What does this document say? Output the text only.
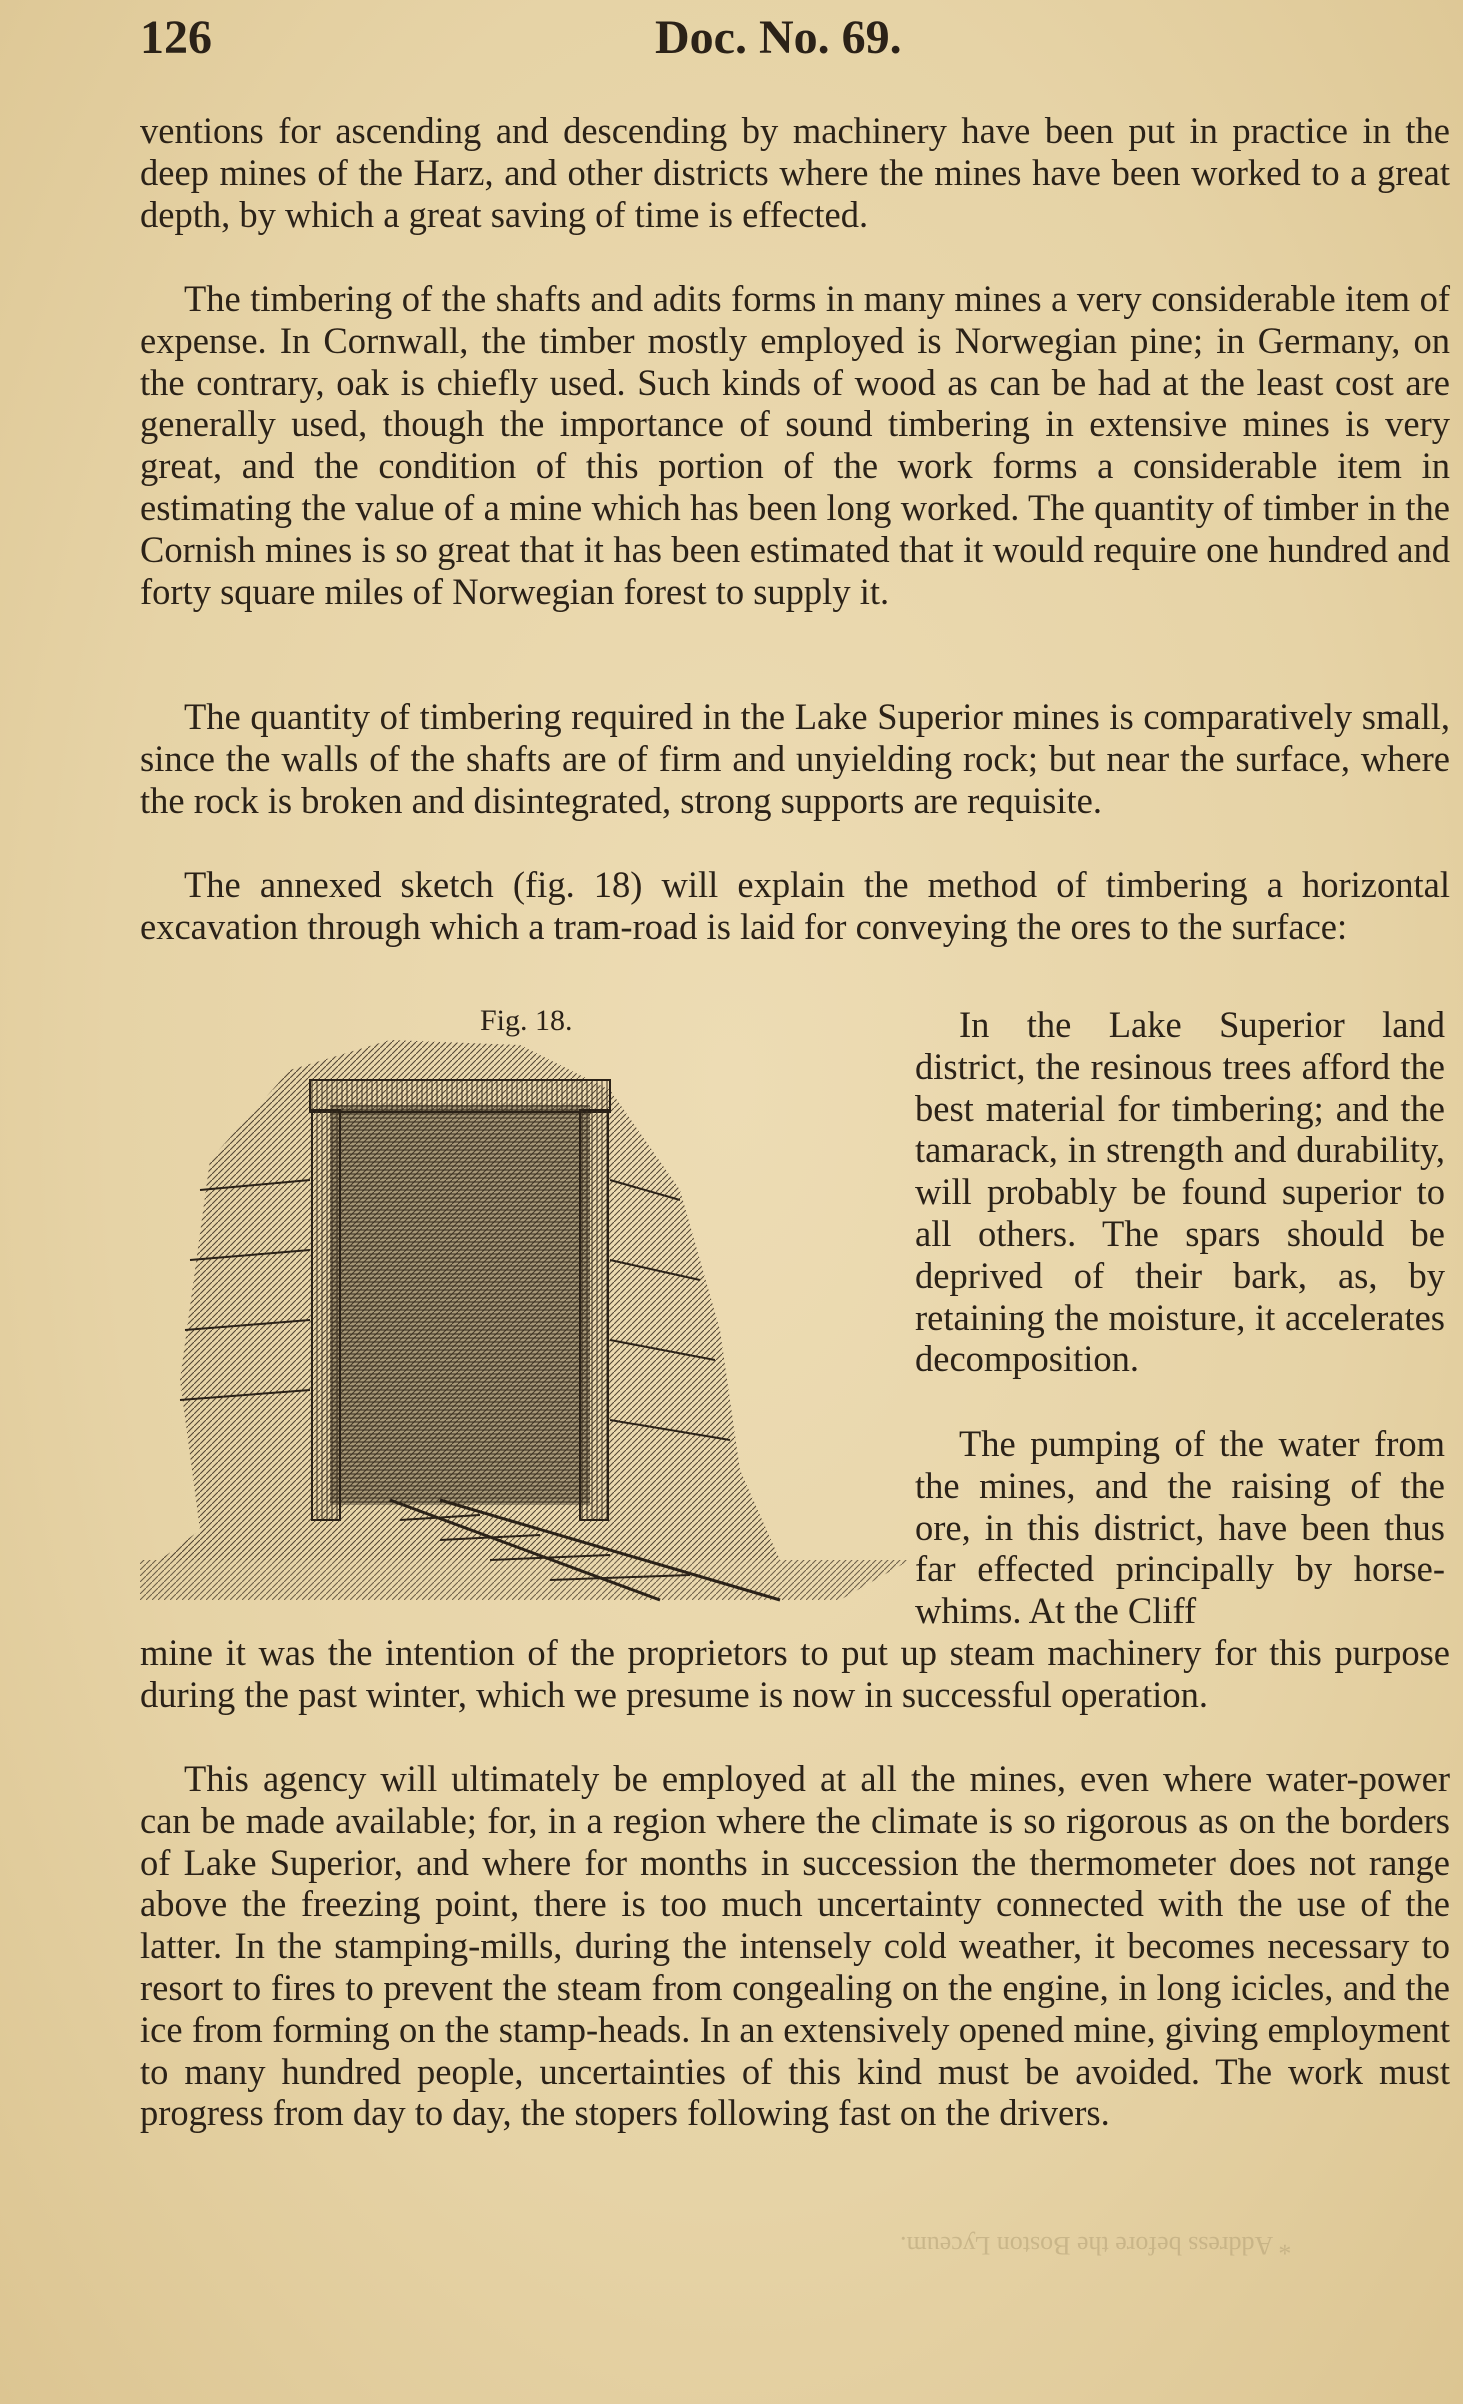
126	Doc. No. 69.

ventions for ascending and descending by machinery have been put in practice in the deep mines of the Harz, and other districts where the mines have been worked to a great depth, by which a great saving of time is effected.

The timbering of the shafts and adits forms in many mines a very considerable item of expense. In Cornwall, the timber mostly employed is Norwegian pine; in Germany, on the contrary, oak is chiefly used. Such kinds of wood as can be had at the least cost are generally used, though the importance of sound timbering in extensive mines is very great, and the condition of this portion of the work forms a considerable item in estimating the value of a mine which has been long worked. The quantity of timber in the Cornish mines is so great that it has been estimated that it would require one hundred and forty square miles of Norwegian forest to supply it.

The quantity of timbering required in the Lake Superior mines is comparatively small, since the walls of the shafts are of firm and unyielding rock; but near the surface, where the rock is broken and disintegrated, strong supports are requisite.

The annexed sketch (fig. 18) will explain the method of timbering a horizontal excavation through which a tram-road is laid for conveying the ores to the surface:

Fig. 18.	In the Lake Superior land district, the resinous trees afford the best material for timbering; and the tamarack, in strength and durability, will probably be found superior to all others. The spars should be deprived of their bark, as, by retaining the moisture, it accelerates decomposition.

The pumping of the water from the mines, and the raising of the ore, in this district, have been thus far effected principally by horse-whims. At the Cliff

mine it was the intention of the proprietors to put up steam machinery for this purpose during the past winter, which we presume is now in successful operation.

This agency will ultimately be employed at all the mines, even where water-power can be made available; for, in a region where the climate is so rigorous as on the borders of Lake Superior, and where for months in succession the thermometer does not range above the freezing point, there is too much uncertainty connected with the use of the latter. In the stamping-mills, during the intensely cold weather, it becomes necessary to resort to fires to prevent the steam from congealing on the engine, in long icicles, and the ice from forming on the stamp-heads. In an extensively opened mine, giving employment to many hundred people, uncertainties of this kind must be avoided. The work must progress from day to day, the stopers following fast on the drivers.

* Address before the Boston Lyceum.
